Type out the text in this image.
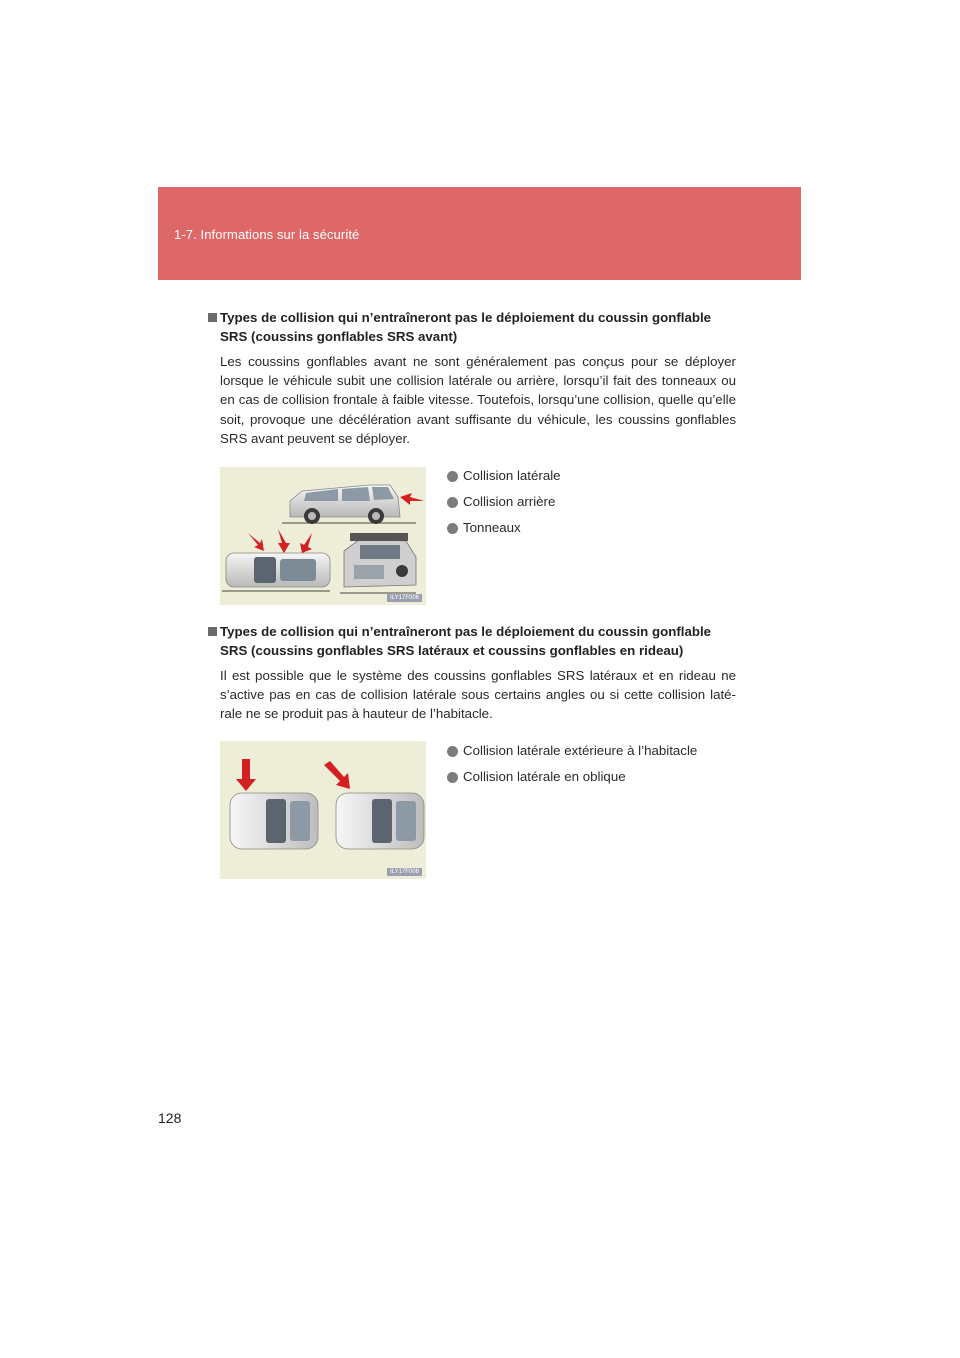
1-7. Informations sur la sécurité
Types de collision qui n’entraîneront pas le déploiement du coussin gonflable SRS (coussins gonflables SRS avant)
Les coussins gonflables avant ne sont généralement pas conçus pour se déployer lorsque le véhicule subit une collision latérale ou arrière, lorsqu’il fait des tonneaux ou en cas de collision frontale à faible vitesse. Toutefois, lorsqu’une collision, quelle qu’elle soit, provoque une décélération avant suffisante du véhicule, les coussins gonflables SRS avant peuvent se déployer.
ILY17F006
Collision latérale
Collision arrière
Tonneaux
Types de collision qui n’entraîneront pas le déploiement du coussin gonflable SRS (coussins gonflables SRS latéraux et coussins gonflables en rideau)
Il est possible que le système des coussins gonflables SRS latéraux et en rideau ne s’active pas en cas de collision latérale sous certains angles ou si cette collision laté-rale ne se produit pas à hauteur de l’habitacle.
ILY17F008
Collision latérale extérieure à l’habitacle
Collision latérale en oblique
128
